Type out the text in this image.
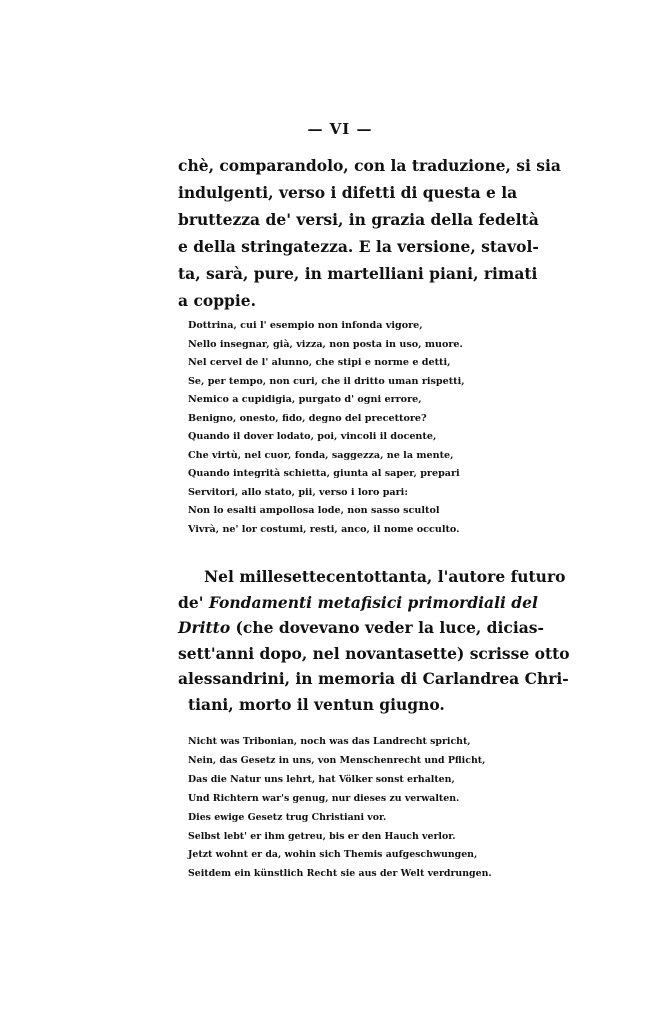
— VI —
chè, comparandolo, con la traduzione, si sia
indulgenti, verso i difetti di questa e la
bruttezza de' versi, in grazia della fedeltà
e della stringatezza. E la versione, stavol-
ta, sarà, pure, in martelliani piani, rimati
a coppie.
Dottrina, cui l' esempio non infonda vigore,
Nello insegnar, già, vizza, non posta in uso, muore.
Nel cervel de l' alunno, che stipi e norme e detti,
Se, per tempo, non curi, che il dritto uman rispetti,
Nemico a cupidigia, purgato d' ogni errore,
Benigno, onesto, fido, degno del precettore?
Quando il dover lodato, poi, vincoli il docente,
Che virtù, nel cuor, fonda, saggezza, ne la mente,
Quando integrità schietta, giunta al saper, prepari
Servitori, allo stato, pii, verso i loro pari:
Non lo esalti ampollosa lode, non sasso scultol
Vivrà, ne' lor costumi, resti, anco, il nome occulto.
Nel millesettecentottanta, l'autore futuro
de' Fondamenti metafisici primordiali del
Dritto (che dovevano veder la luce, dicias-
sett'anni dopo, nel novantasette) scrisse otto
alessandrini, in memoria di Carlandrea Chri-
tiani, morto il ventun giugno.
Nicht was Tribonian, noch was das Landrecht spricht,
Nein, das Gesetz in uns, von Menschenrecht und Pflicht,
Das die Natur uns lehrt, hat Völker sonst erhalten,
Und Richtern war's genug, nur dieses zu verwalten.
Dies ewige Gesetz trug Christiani vor.
Selbst lebt' er ihm getreu, bis er den Hauch verlor.
Jetzt wohnt er da, wohin sich Themis aufgeschwungen,
Seitdem ein künstlich Recht sie aus der Welt verdrungen.
